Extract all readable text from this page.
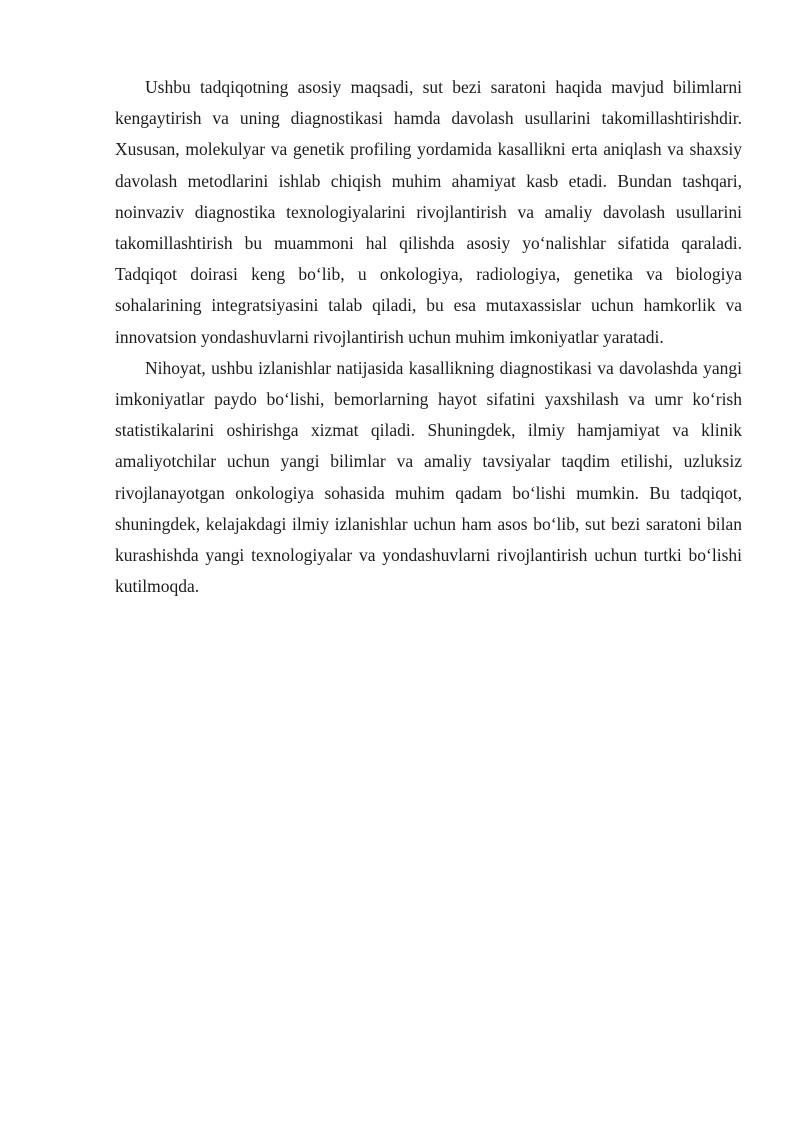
Ushbu tadqiqotning asosiy maqsadi, sut bezi saratoni haqida mavjud bilimlarni kengaytirish va uning diagnostikasi hamda davolash usullarini takomillashtirishdir. Xususan, molekulyar va genetik profiling yordamida kasallikni erta aniqlash va shaxsiy davolash metodlarini ishlab chiqish muhim ahamiyat kasb etadi. Bundan tashqari, noinvaziv diagnostika texnologiyalarini rivojlantirish va amaliy davolash usullarini takomillashtirish bu muammoni hal qilishda asosiy yoʻnalishlar sifatida qaraladi. Tadqiqot doirasi keng boʻlib, u onkologiya, radiologiya, genetika va biologiya sohalarining integratsiyasini talab qiladi, bu esa mutaxassislar uchun hamkorlik va innovatsion yondashuvlarni rivojlantirish uchun muhim imkoniyatlar yaratadi.

Nihoyat, ushbu izlanishlar natijasida kasallikning diagnostikasi va davolashda yangi imkoniyatlar paydo boʻlishi, bemorlarning hayot sifatini yaxshilash va umr koʻrish statistikalarini oshirishga xizmat qiladi. Shuningdek, ilmiy hamjamiyat va klinik amaliyotchilar uchun yangi bilimlar va amaliy tavsiyalar taqdim etilishi, uzluksiz rivojlanayotgan onkologiya sohasida muhim qadam boʻlishi mumkin. Bu tadqiqot, shuningdek, kelajakdagi ilmiy izlanishlar uchun ham asos boʻlib, sut bezi saratoni bilan kurashishda yangi texnologiyalar va yondashuvlarni rivojlantirish uchun turtki boʻlishi kutilmoqda.
